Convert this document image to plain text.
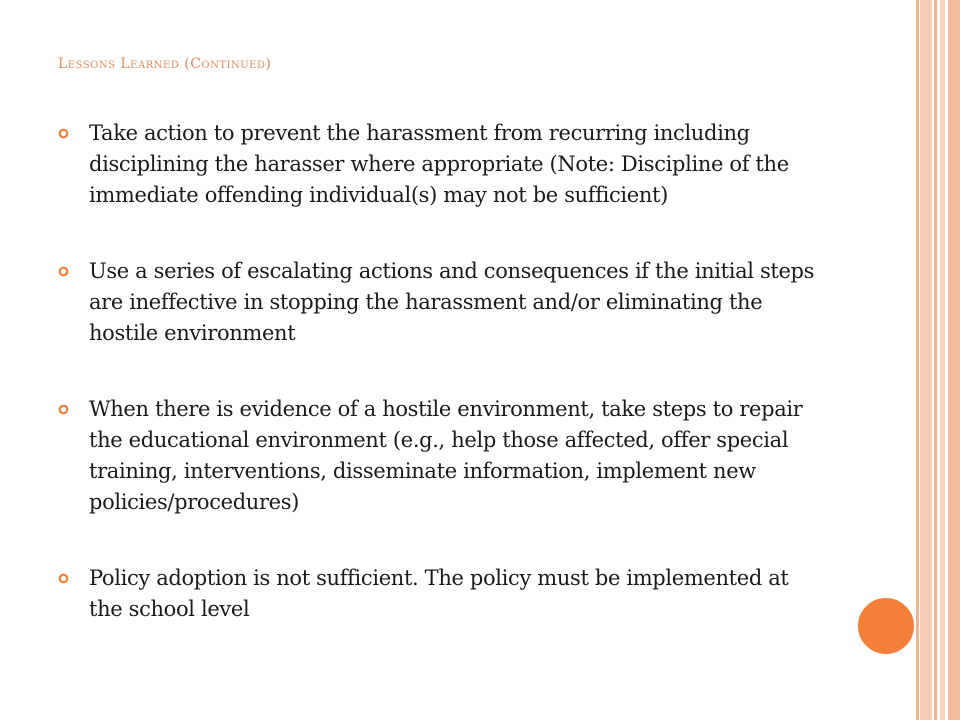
Lessons Learned (Continued)
Take action to prevent the harassment from recurring including disciplining the harasser where appropriate (Note: Discipline of the immediate offending individual(s) may not be sufficient)
Use a series of escalating actions and consequences if the initial steps are ineffective in stopping the harassment and/or eliminating the hostile environment
When there is evidence of a hostile environment, take steps to repair the educational environment (e.g., help those affected, offer special training, interventions, disseminate information, implement new policies/procedures)
Policy adoption is not sufficient. The policy must be implemented at the school level
